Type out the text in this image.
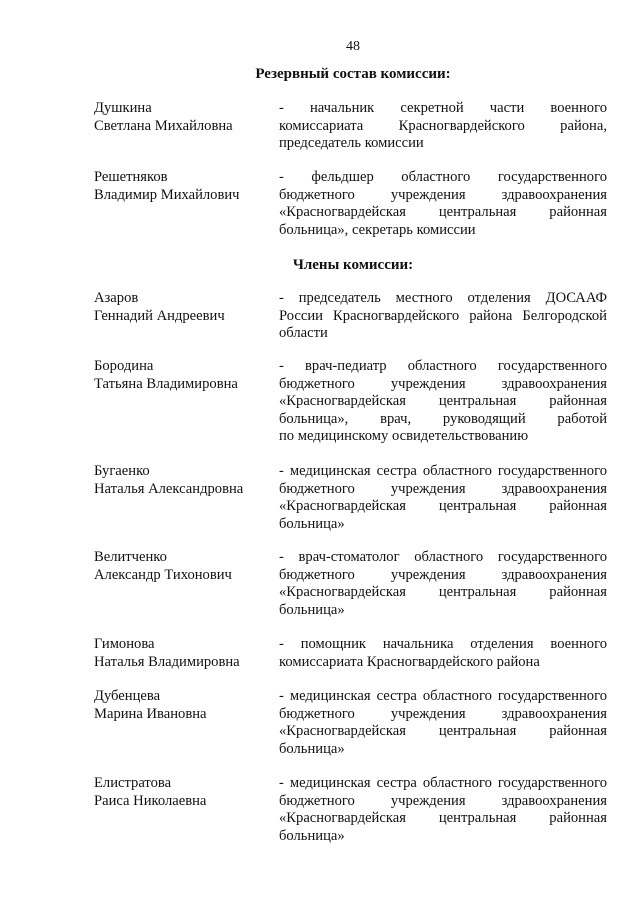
48
Резервный состав комиссии:
Душкина
Светлана Михайловна
- начальник секретной части военного
комиссариата Красногвардейского района,
председатель комиссии
Решетняков
Владимир Михайлович
- фельдшер областного государственного
бюджетного учреждения здравоохранения
«Красногвардейская центральная районная
больница», секретарь комиссии
Члены комиссии:
Азаров
Геннадий Андреевич
- председатель местного отделения ДОСААФ
России Красногвардейского района Белгородской
области
Бородина
Татьяна Владимировна
- врач-педиатр областного государственного
бюджетного учреждения здравоохранения
«Красногвардейская центральная районная
больница», врач, руководящий работой
по медицинскому освидетельствованию
Бугаенко
Наталья Александровна
- медицинская сестра областного государственного
бюджетного учреждения здравоохранения
«Красногвардейская центральная районная
больница»
Велитченко
Александр Тихонович
- врач-стоматолог областного государственного
бюджетного учреждения здравоохранения
«Красногвардейская центральная районная
больница»
Гимонова
Наталья Владимировна
- помощник начальника отделения военного
комиссариата Красногвардейского района
Дубенцева
Марина Ивановна
- медицинская сестра областного государственного
бюджетного учреждения здравоохранения
«Красногвардейская центральная районная
больница»
Елистратова
Раиса Николаевна
- медицинская сестра областного государственного
бюджетного учреждения здравоохранения
«Красногвардейская центральная районная
больница»
